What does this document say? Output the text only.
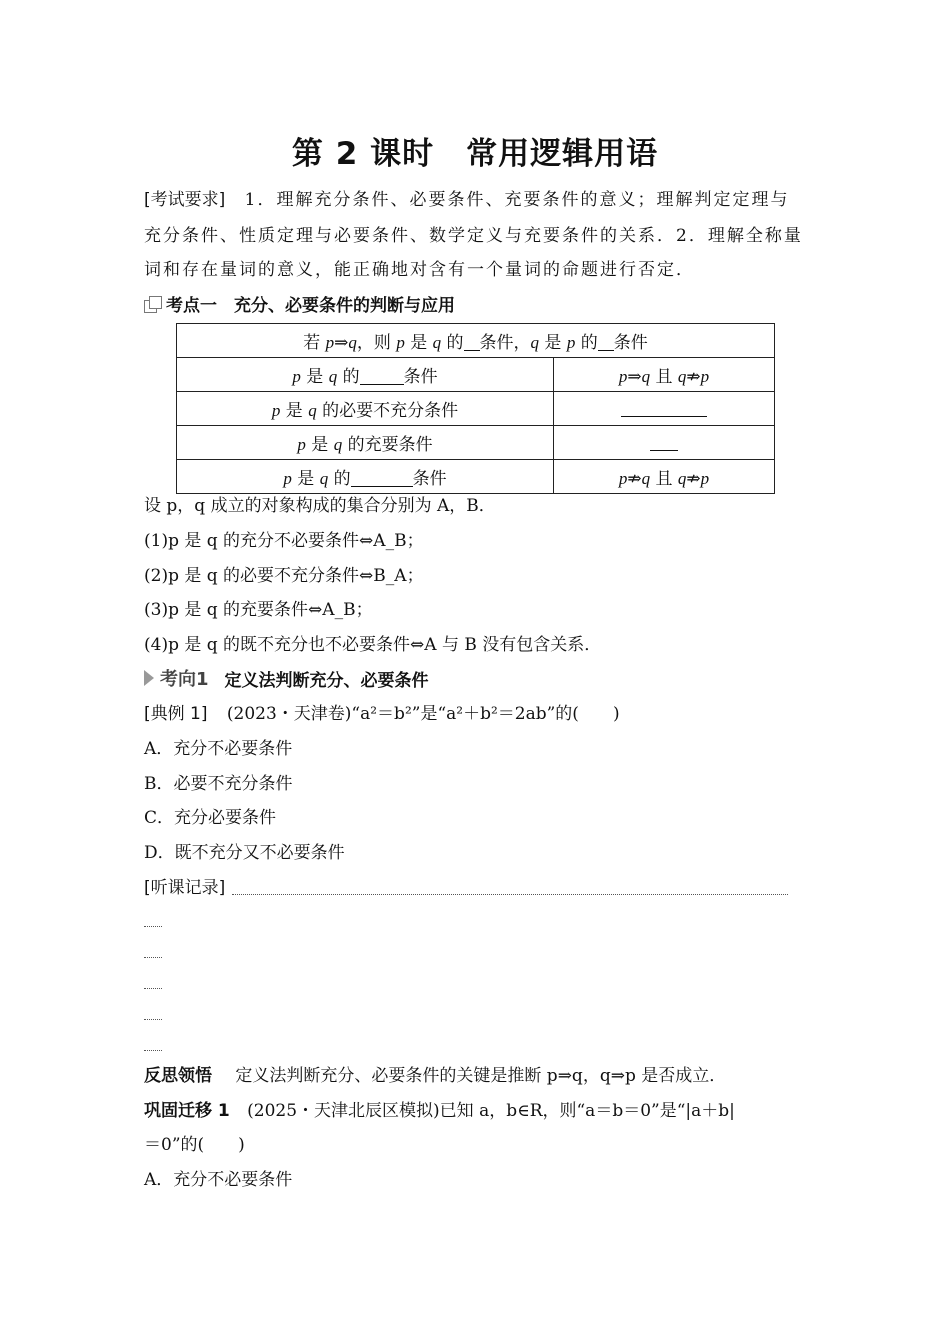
第 2 课时　常用逻辑用语
[考试要求] 1．理解充分条件、必要条件、充要条件的意义；理解判定定理与
充分条件、性质定理与必要条件、数学定义与充要条件的关系．2．理解全称量
词和存在量词的意义，能正确地对含有一个量词的命题进行否定．
考点一　充分、必要条件的判断与应用
若 p⇒q，则 p 是 q 的 条件，q 是 p 的 条件	
p 是 q 的 条件	p⇒q 且 q⇏p
p 是 q 的必要不充分条件	
p 是 q 的充要条件	
p 是 q 的 条件	p⇏q 且 q⇏p
设 p，q 成立的对象构成的集合分别为 A，B．
(1)p 是 q 的充分不必要条件⇔A_B；
(2)p 是 q 的必要不充分条件⇔B_A；
(3)p 是 q 的充要条件⇔A_B；
(4)p 是 q 的既不充分也不必要条件⇔A 与 B 没有包含关系．
考向1 定义法判断充分、必要条件
[典例 1] (2023・天津卷)“a²＝b²”是“a²＋b²＝2ab”的(　　)
A．充分不必要条件
B．必要不充分条件
C．充分必要条件
D．既不充分又不必要条件
[听课记录]
反思领悟 定义法判断充分、必要条件的关键是推断 p⇒q，q⇒p 是否成立．
巩固迁移 1 (2025・天津北辰区模拟)已知 a，b∈R，则“a＝b＝0”是“|a＋b|
＝0”的(　　)
A．充分不必要条件
